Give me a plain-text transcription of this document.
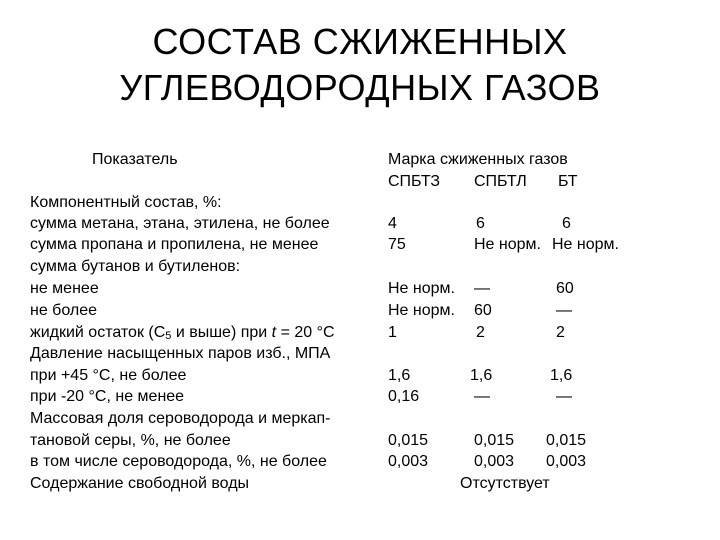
СОСТАВ СЖИЖЕННЫХ
УГЛЕВОДОРОДНЫХ ГАЗОВ
Показатель	Марка сжиженных газов
СПБТЗ СПБТЛ БТ
Компонентный состав, %:
сумма метана, этана, этилена, не более	4	6	6
сумма пропана и пропилена, не менее	75	Не норм. Не норм.
сумма бутанов и бутиленов:
не менее	Не норм. —	60
не более	Не норм. 60	—
жидкий остаток (С5 и выше) при t = 20 °С	1	2	2
Давление насыщенных паров изб., МПА
при +45 °С, не более	1,6	1,6	1,6
при -20 °С, не менее	0,16	—	—
Массовая доля сероводорода и меркап-
тановой серы, %, не более	0,015	0,015 0,015
в том числе сероводорода, %, не более	0,003	0,003 0,003
Содержание свободной воды	Отсутствует
